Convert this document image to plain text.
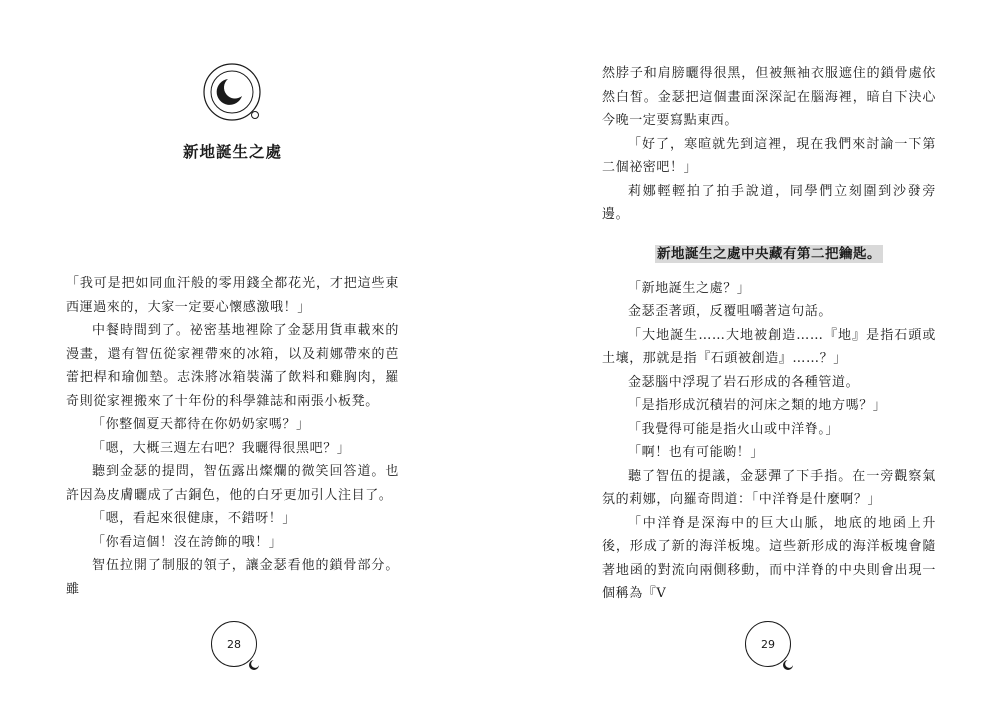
新地誕生之處

「我可是把如同血汗般的零用錢全都花光，才把這些東西運過來的，大家一定要心懷感激哦！」

中餐時間到了。祕密基地裡除了金瑟用貨車載來的漫畫，還有智伍從家裡帶來的冰箱，以及莉娜帶來的芭蕾把桿和瑜伽墊。志洙將冰箱裝滿了飲料和雞胸肉，羅奇則從家裡搬來了十年份的科學雜誌和兩張小板凳。

「你整個夏天都待在你奶奶家嗎？」

「嗯，大概三週左右吧？我曬得很黑吧？」

聽到金瑟的提問，智伍露出燦爛的微笑回答道。也許因為皮膚曬成了古銅色，他的白牙更加引人注目了。

「嗯，看起來很健康，不錯呀！」

「你看這個！沒在誇飾的哦！」

智伍拉開了制服的領子，讓金瑟看他的鎖骨部分。雖

28

然脖子和肩膀曬得很黑，但被無袖衣服遮住的鎖骨處依然白皙。金瑟把這個畫面深深記在腦海裡，暗自下決心今晚一定要寫點東西。

「好了，寒暄就先到這裡，現在我們來討論一下第二個祕密吧！」

莉娜輕輕拍了拍手說道，同學們立刻圍到沙發旁邊。

新地誕生之處中央藏有第二把鑰匙。

「新地誕生之處？」

金瑟歪著頭，反覆咀嚼著這句話。

「大地誕生……大地被創造……『地』是指石頭或土壤，那就是指『石頭被創造』……？」

金瑟腦中浮現了岩石形成的各種管道。

「是指形成沉積岩的河床之類的地方嗎？」

「我覺得可能是指火山或中洋脊。」

「啊！也有可能喲！」

聽了智伍的提議，金瑟彈了下手指。在一旁觀察氣氛的莉娜，向羅奇問道：「中洋脊是什麼啊？」

「中洋脊是深海中的巨大山脈，地底的地函上升後，形成了新的海洋板塊。這些新形成的海洋板塊會隨著地函的對流向兩側移動，而中洋脊的中央則會出現一個稱為『V

29
